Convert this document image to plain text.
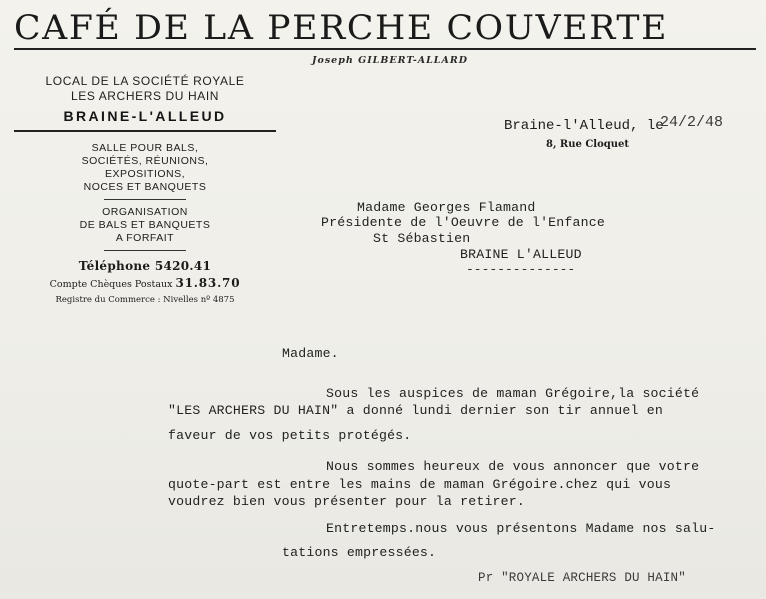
CAFÉ DE LA PERCHE COUVERTE
Joseph GILBERT-ALLARD
LOCAL DE LA SOCIÉTÉ ROYALE
LES ARCHERS DU HAIN
BRAINE-L'ALLEUD
SALLE POUR BALS,
SOCIÉTÉS, RÉUNIONS,
EXPOSITIONS,
NOCES ET BANQUETS
ORGANISATION
DE BALS ET BANQUETS
A FORFAIT
Téléphone 5420.41
Compte Chèques Postaux 31.83.70
Registre du Commerce : Nivelles nº 4875
Braine-l'Alleud, le
24/2/48
8, Rue Cloquet
Madame Georges Flamand
Présidente de l'Oeuvre de l'Enfance
St Sébastien
BRAINE L'ALLEUD
--------------
Madame.
Sous les auspices de maman Grégoire,la société
"LES ARCHERS DU HAIN" a donné lundi dernier son tir annuel en
faveur de vos petits protégés.
Nous sommes heureux de vous annoncer que votre
quote-part est entre les mains de maman Grégoire.chez qui vous
voudrez bien vous présenter pour la retirer.
Entretemps.nous vous présentons Madame nos salu-
tations empressées.
Pr "ROYALE ARCHERS DU HAIN"
